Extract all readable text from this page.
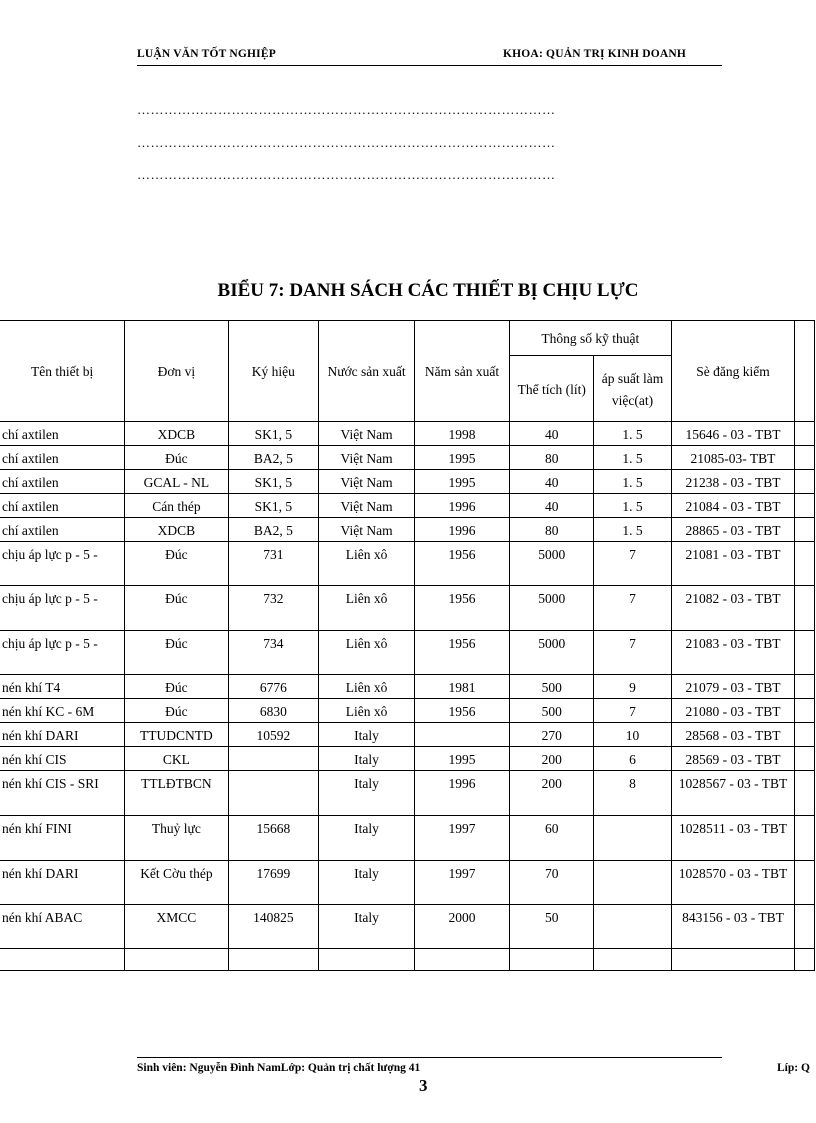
LUẬN VĂN TỐT NGHIỆP	KHOA: QUẢN TRỊ KINH DOANH
…………………………………………………………………………………
…………………………………………………………………………………
…………………………………………………………………………………
BIỂU 7: DANH SÁCH CÁC THIẾT BỊ CHỊU LỰC
Tên thiết bị	Đơn vị	Ký hiệu	Nước sản xuất	Năm sản xuất	Thông số kỹ thuật		Sè đăng kiểm	
					Thể tích (lít)	áp suất làm việc(at)		
chí axtilen	XDCB	SK1, 5	Việt Nam	1998	40	1. 5	15646 - 03 - TBT	
chí axtilen	Đúc	BA2, 5	Việt Nam	1995	80	1. 5	21085-03- TBT	
chí axtilen	GCAL - NL	SK1, 5	Việt Nam	1995	40	1. 5	21238 - 03 - TBT	
chí axtilen	Cán thép	SK1, 5	Việt Nam	1996	40	1. 5	21084 - 03 - TBT	
chí axtilen	XDCB	BA2, 5	Việt Nam	1996	80	1. 5	28865 - 03 - TBT	
chịu áp lực p - 5 -	Đúc	731	Liên xô	1956	5000	7	21081 - 03 - TBT	
chịu áp lực p - 5 -	Đúc	732	Liên xô	1956	5000	7	21082 - 03 - TBT	
chịu áp lực p - 5 -	Đúc	734	Liên xô	1956	5000	7	21083 - 03 - TBT	
nén khí T4	Đúc	6776	Liên xô	1981	500	9	21079 - 03 - TBT	
nén khí KC - 6M	Đúc	6830	Liên xô	1956	500	7	21080 - 03 - TBT	
nén khí DARI	TTUDCNTD	10592	Italy		270	10	28568 - 03 - TBT	
nén khí CIS	CKL		Italy	1995	200	6	28569 - 03 - TBT	
nén khí CIS - SRI	TTLĐTBCN		Italy	1996	200	8	1028567 - 03 - TBT	
nén khí FINI	Thuỷ lực	15668	Italy	1997	60		1028511 - 03 - TBT	
nén khí DARI	Kết Cờu thép	17699	Italy	1997	70		1028570 - 03 - TBT	
nén khí ABAC	XMCC	140825	Italy	2000	50		843156 - 03 - TBT	

Sinh viên: Nguyễn Đình NamLớp: Quản trị chất lượng 41	Líp: Q
3
